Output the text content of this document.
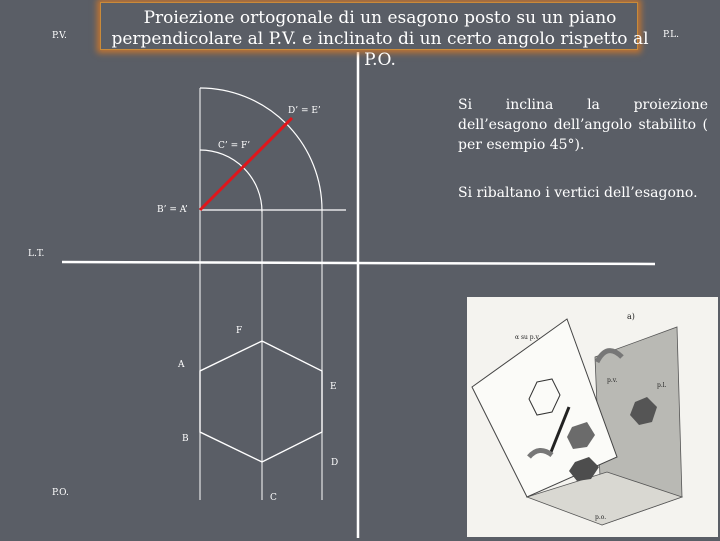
P.V.	P.L.
L.T.
P.O.
D’ = E’
C’ = F’
B’ = A’
F
A
E
B
D
C
Proiezione ortogonale di un esagono posto su un piano perpendicolare al P.V. e inclinato di un certo angolo rispetto al P.O.
Si inclina la proiezione dell’esagono dell’angolo stabilito ( per esempio 45°).
Si ribaltano i vertici dell’esagono.
a)
α su p.v.
p.v.
p.l.
p.o.
